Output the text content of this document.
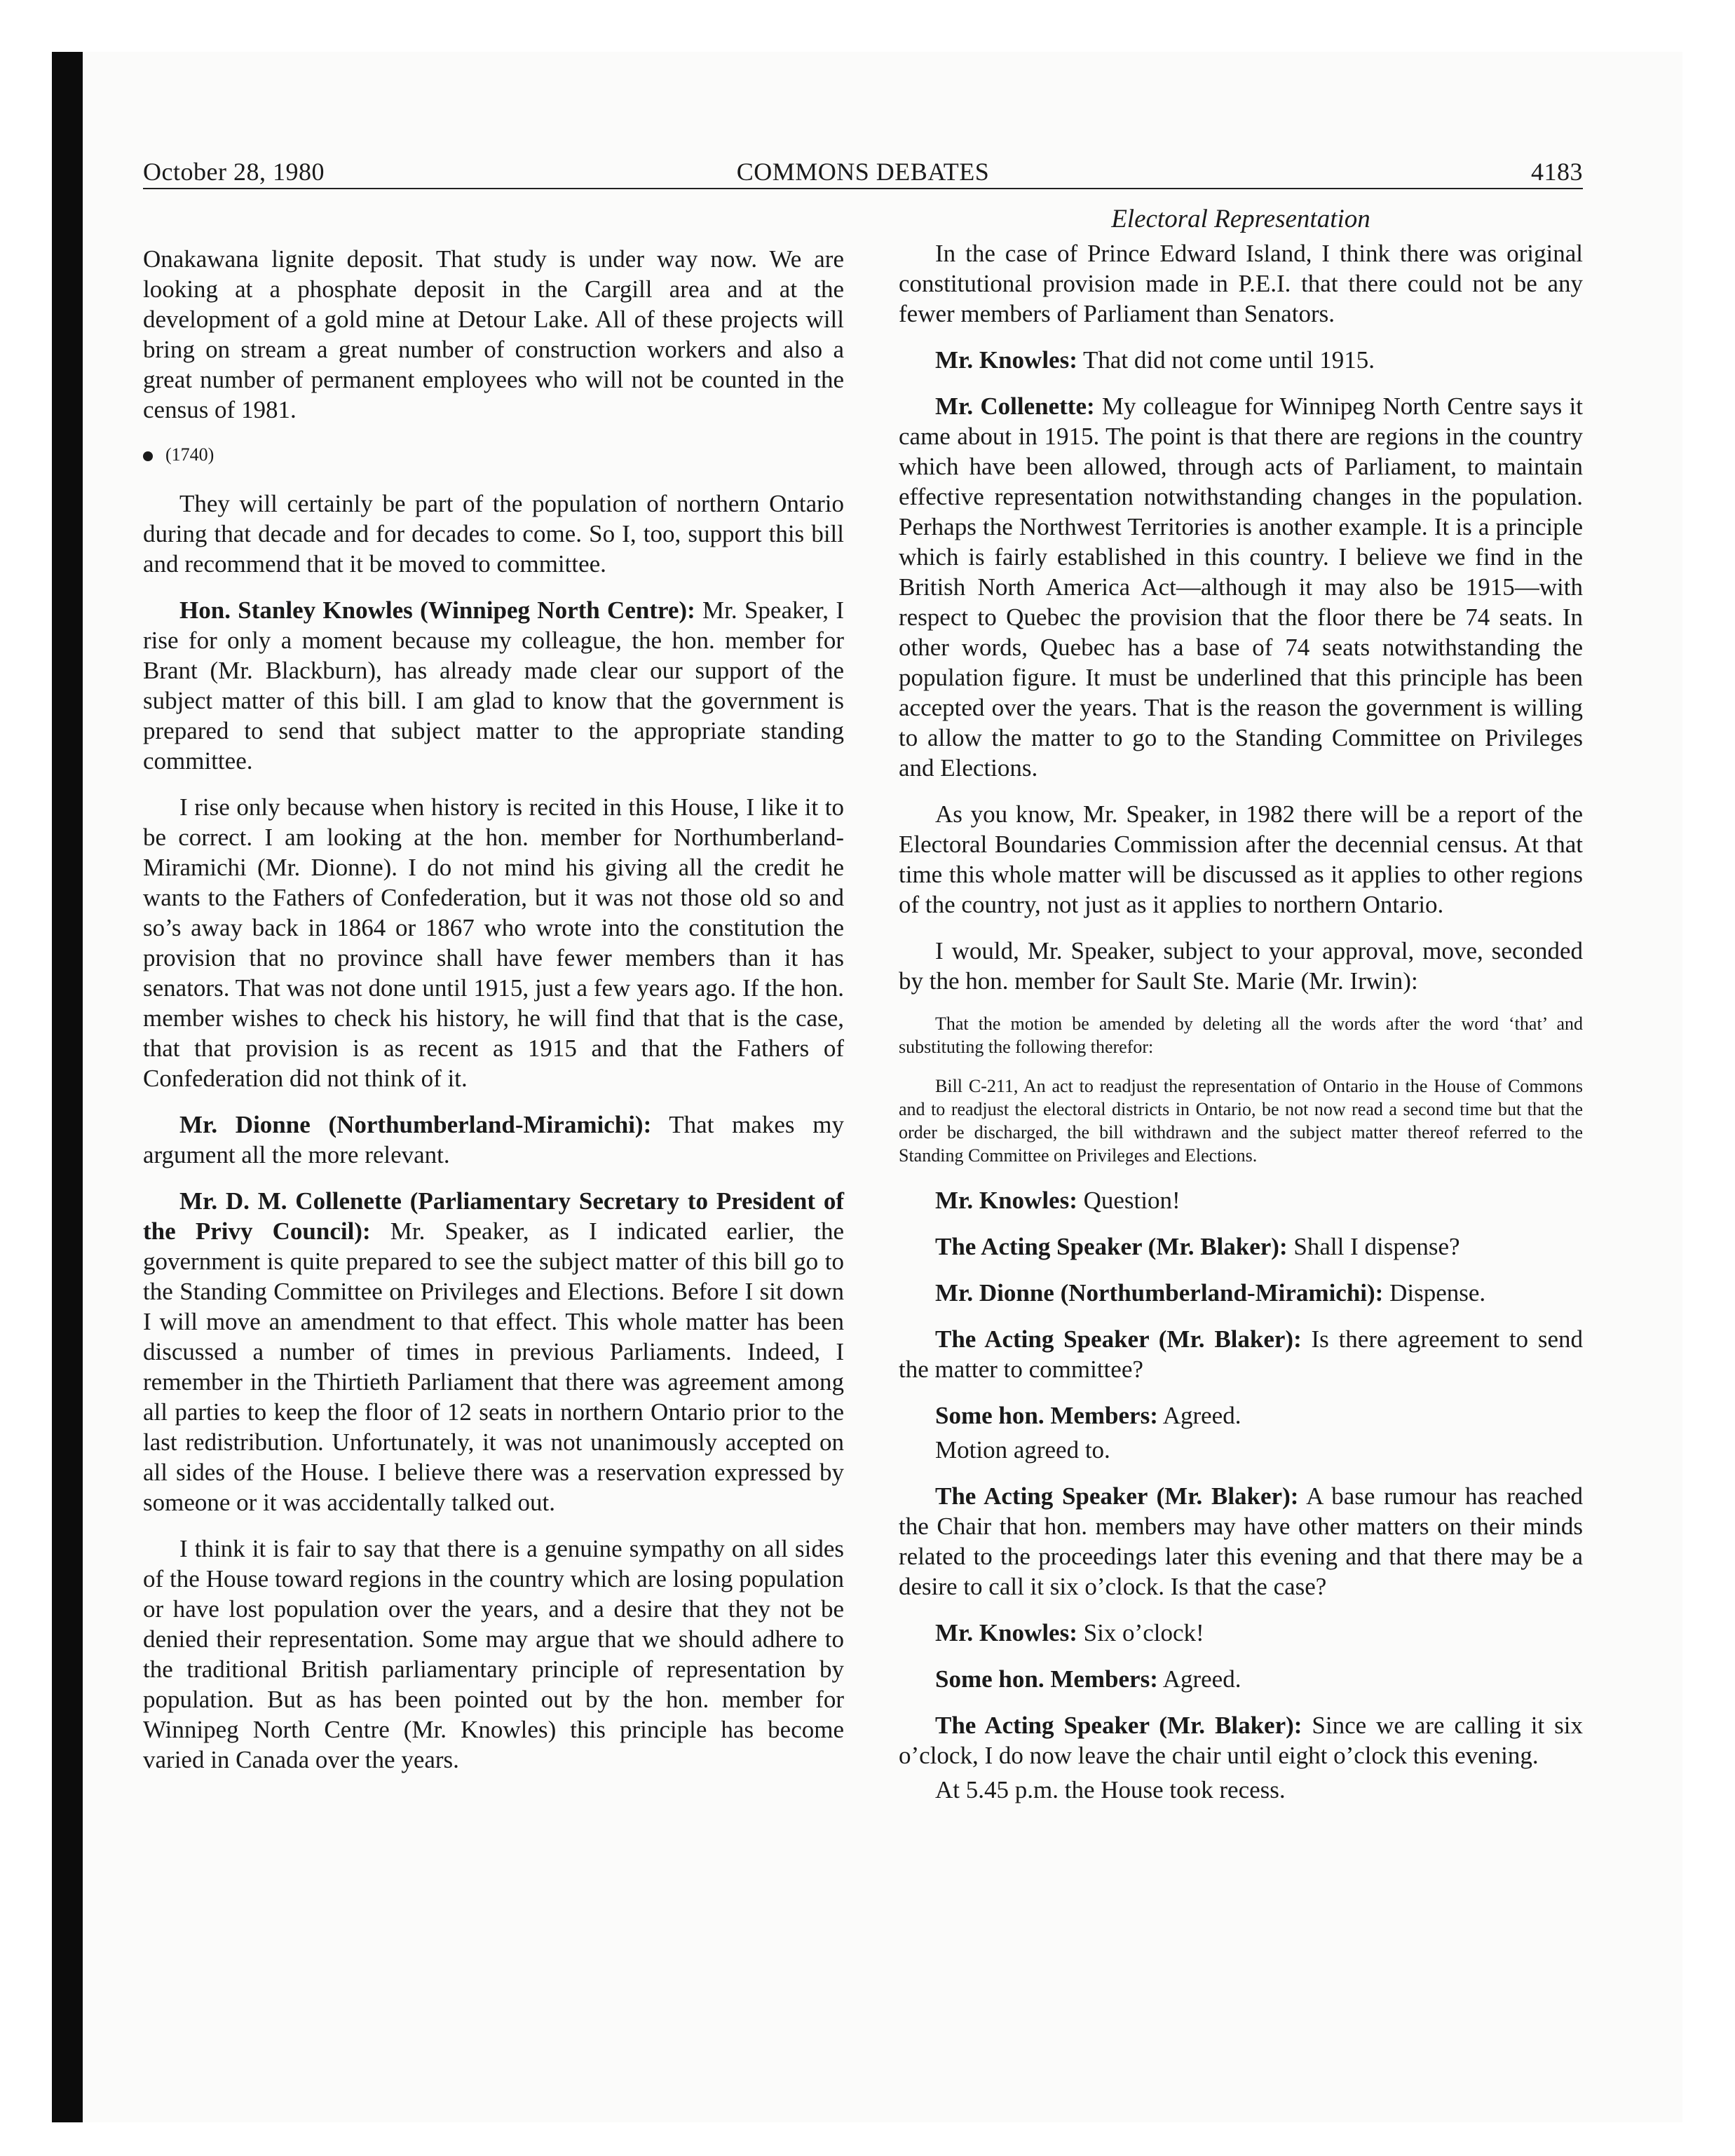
October 28, 1980	COMMONS DEBATES	4183

Onakawana lignite deposit. That study is under way now. We are looking at a phosphate deposit in the Cargill area and at the development of a gold mine at Detour Lake. All of these projects will bring on stream a great number of construction workers and also a great number of permanent employees who will not be counted in the census of 1981.

(1740)

They will certainly be part of the population of northern Ontario during that decade and for decades to come. So I, too, support this bill and recommend that it be moved to committee.

Hon. Stanley Knowles (Winnipeg North Centre): Mr. Speaker, I rise for only a moment because my colleague, the hon. member for Brant (Mr. Blackburn), has already made clear our support of the subject matter of this bill. I am glad to know that the government is prepared to send that subject matter to the appropriate standing committee.

I rise only because when history is recited in this House, I like it to be correct. I am looking at the hon. member for Northumberland-Miramichi (Mr. Dionne). I do not mind his giving all the credit he wants to the Fathers of Confederation, but it was not those old so and so’s away back in 1864 or 1867 who wrote into the constitution the provision that no province shall have fewer members than it has senators. That was not done until 1915, just a few years ago. If the hon. member wishes to check his history, he will find that that is the case, that that provision is as recent as 1915 and that the Fathers of Confederation did not think of it.

Mr. Dionne (Northumberland-Miramichi): That makes my argument all the more relevant.

Mr. D. M. Collenette (Parliamentary Secretary to President of the Privy Council): Mr. Speaker, as I indicated earlier, the government is quite prepared to see the subject matter of this bill go to the Standing Committee on Privileges and Elections. Before I sit down I will move an amendment to that effect. This whole matter has been discussed a number of times in previous Parliaments. Indeed, I remember in the Thirtieth Parliament that there was agreement among all parties to keep the floor of 12 seats in northern Ontario prior to the last redistribution. Unfortunately, it was not unanimously accepted on all sides of the House. I believe there was a reservation expressed by someone or it was accidentally talked out.

I think it is fair to say that there is a genuine sympathy on all sides of the House toward regions in the country which are losing population or have lost population over the years, and a desire that they not be denied their representation. Some may argue that we should adhere to the traditional British parliamentary principle of representation by population. But as has been pointed out by the hon. member for Winnipeg North Centre (Mr. Knowles) this principle has become varied in Canada over the years.

Electoral Representation

In the case of Prince Edward Island, I think there was original constitutional provision made in P.E.I. that there could not be any fewer members of Parliament than Senators.

Mr. Knowles: That did not come until 1915.

Mr. Collenette: My colleague for Winnipeg North Centre says it came about in 1915. The point is that there are regions in the country which have been allowed, through acts of Parliament, to maintain effective representation notwithstanding changes in the population. Perhaps the Northwest Territories is another example. It is a principle which is fairly established in this country. I believe we find in the British North America Act—although it may also be 1915—with respect to Quebec the provision that the floor there be 74 seats. In other words, Quebec has a base of 74 seats notwithstanding the population figure. It must be underlined that this principle has been accepted over the years. That is the reason the government is willing to allow the matter to go to the Standing Committee on Privileges and Elections.

As you know, Mr. Speaker, in 1982 there will be a report of the Electoral Boundaries Commission after the decennial census. At that time this whole matter will be discussed as it applies to other regions of the country, not just as it applies to northern Ontario.

I would, Mr. Speaker, subject to your approval, move, seconded by the hon. member for Sault Ste. Marie (Mr. Irwin):

That the motion be amended by deleting all the words after the word ‘that’ and substituting the following therefor:

Bill C-211, An act to readjust the representation of Ontario in the House of Commons and to readjust the electoral districts in Ontario, be not now read a second time but that the order be discharged, the bill withdrawn and the subject matter thereof referred to the Standing Committee on Privileges and Elections.

Mr. Knowles: Question!

The Acting Speaker (Mr. Blaker): Shall I dispense?

Mr. Dionne (Northumberland-Miramichi): Dispense.

The Acting Speaker (Mr. Blaker): Is there agreement to send the matter to committee?

Some hon. Members: Agreed.

Motion agreed to.

The Acting Speaker (Mr. Blaker): A base rumour has reached the Chair that hon. members may have other matters on their minds related to the proceedings later this evening and that there may be a desire to call it six o’clock. Is that the case?

Mr. Knowles: Six o’clock!

Some hon. Members: Agreed.

The Acting Speaker (Mr. Blaker): Since we are calling it six o’clock, I do now leave the chair until eight o’clock this evening.

At 5.45 p.m. the House took recess.
